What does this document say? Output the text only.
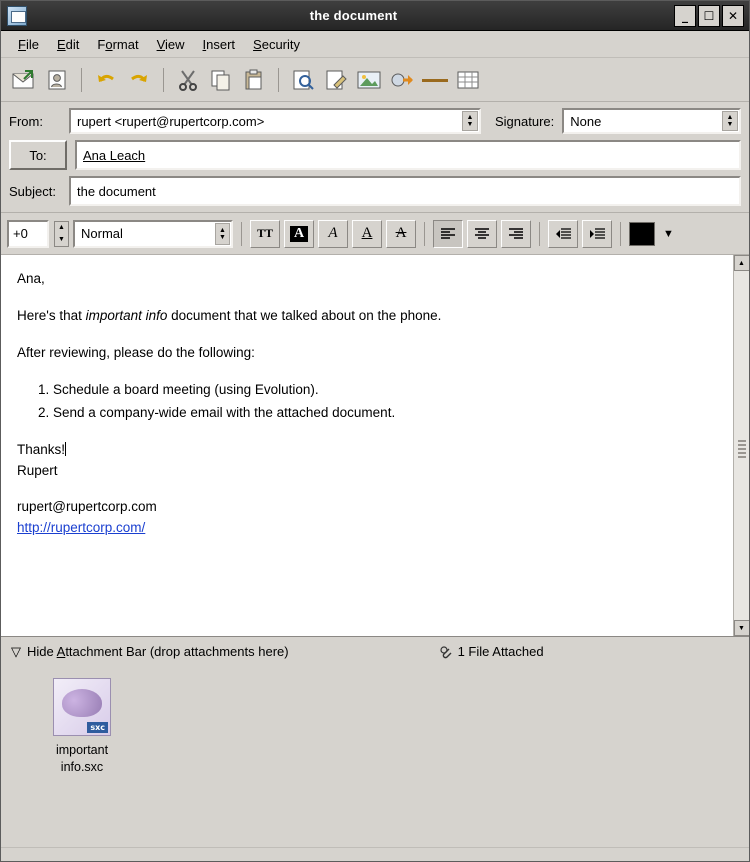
the document	_	☐	✕
File	Edit	Format	View	Insert	Security
From:	rupert <rupert@rupertcorp.com>	▲
▼	Signature:	None	▲
▼
To:	Ana Leach
Subject:	the document
+0	▲
▼ Normal	▲
▼	TT A A A A	▼

Ana,

Here's that important info document that we talked about on the phone.

After reviewing, please do the following:

1. Schedule a board meeting (using Evolution).
2. Send a company-wide email with the attached document.

Thanks!

Rupert

rupert@rupertcorp.com

http://rupertcorp.com/

▲
▼
▽ Hide Attachment Bar (drop attachments here)	1 File Attached
sxc
important
info.sxc
